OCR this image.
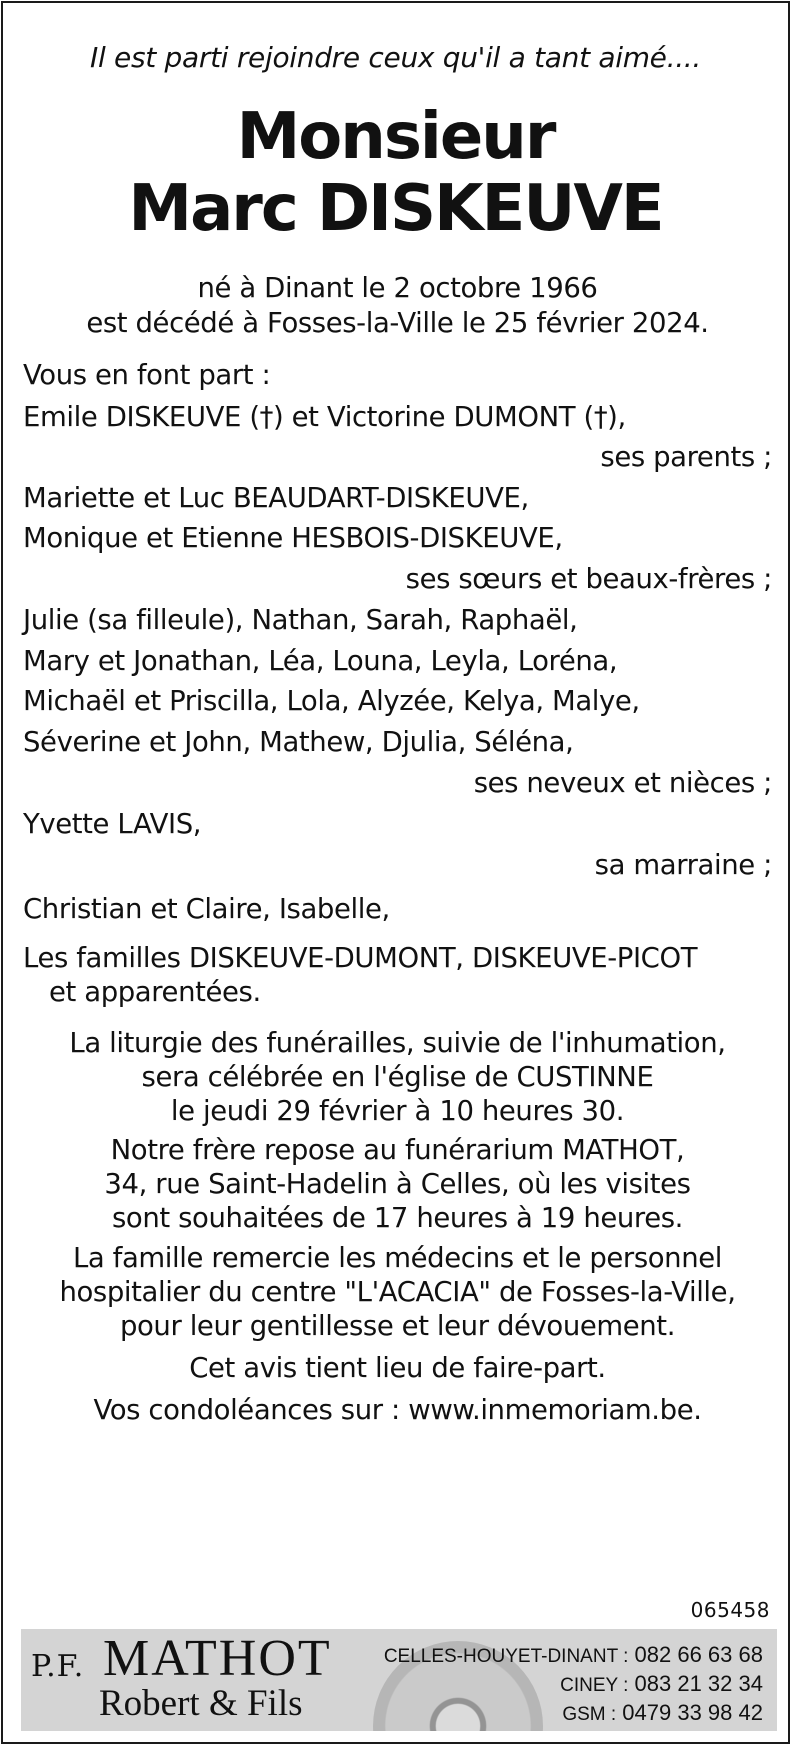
Il est parti rejoindre ceux qu'il a tant aimé....
Monsieur
Marc DISKEUVE
né à Dinant le 2 octobre 1966
est décédé à Fosses-la-Ville le 25 février 2024.
Vous en font part :
Emile DISKEUVE (†) et Victorine DUMONT (†),
ses parents ;
Mariette et Luc BEAUDART-DISKEUVE,
Monique et Etienne HESBOIS-DISKEUVE,
ses sœurs et beaux-frères ;
Julie (sa filleule), Nathan, Sarah, Raphaël,
Mary et Jonathan, Léa, Louna, Leyla, Loréna,
Michaël et Priscilla, Lola, Alyzée, Kelya, Malye,
Séverine et John, Mathew, Djulia, Séléna,
ses neveux et nièces ;
Yvette LAVIS,
sa marraine ;
Christian et Claire, Isabelle,
Les familles DISKEUVE-DUMONT, DISKEUVE-PICOT
et apparentées.
La liturgie des funérailles, suivie de l'inhumation,
sera célébrée en l'église de CUSTINNE
le jeudi 29 février à 10 heures 30.
Notre frère repose au funérarium MATHOT,
34, rue Saint-Hadelin à Celles, où les visites
sont souhaitées de 17 heures à 19 heures.
La famille remercie les médecins et le personnel
hospitalier du centre "L'ACACIA" de Fosses-la-Ville,
pour leur gentillesse et leur dévouement.
Cet avis tient lieu de faire-part.
Vos condoléances sur : www.inmemoriam.be.
065458
P.F. MATHOT
Robert & Fils
CELLES-HOUYET-DINANT : 082 66 63 68
CINEY : 083 21 32 34
GSM : 0479 33 98 42
